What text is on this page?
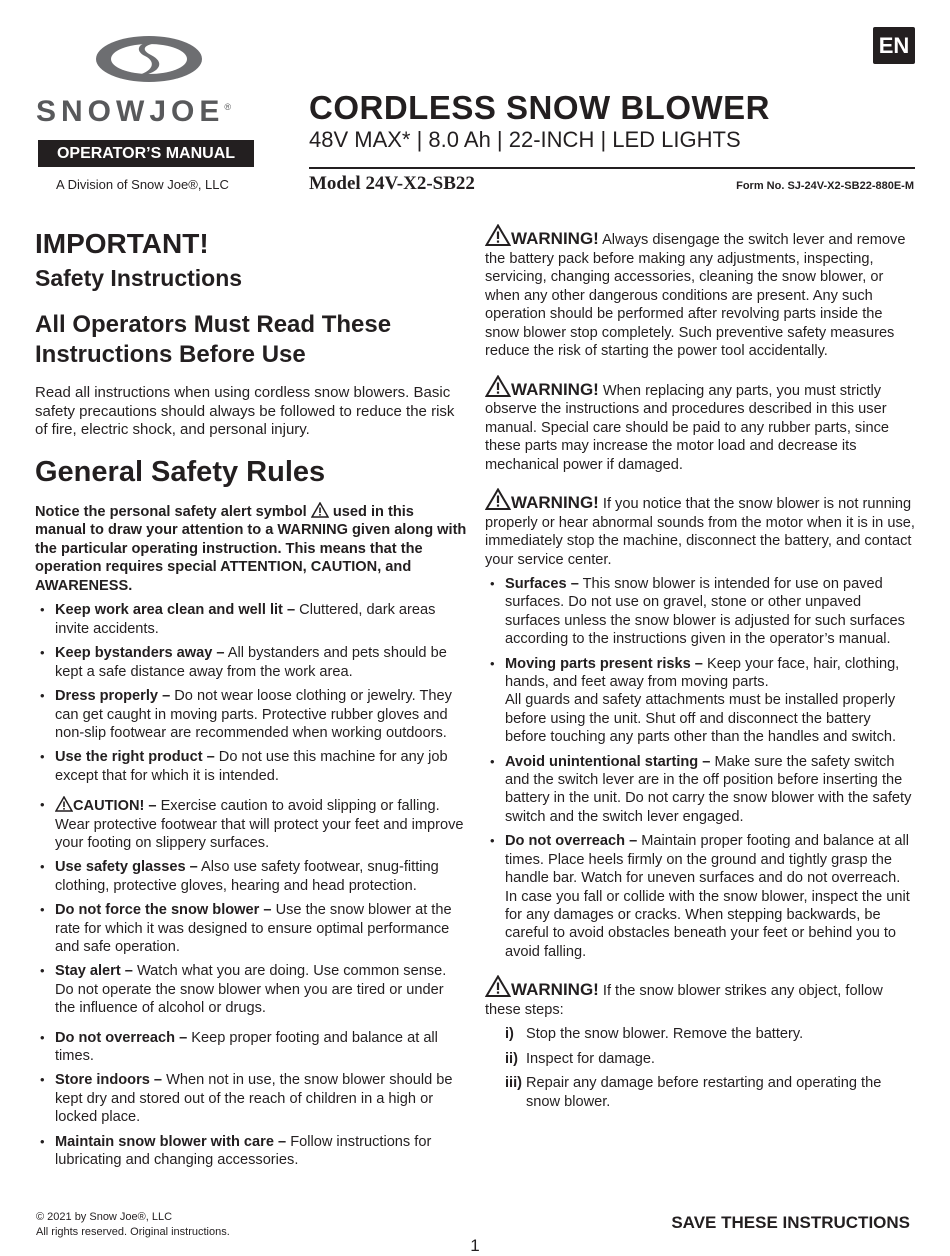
SNOWJOE®
OPERATOR’S MANUAL
A Division of Snow Joe®, LLC
EN
CORDLESS SNOW BLOWER
48V MAX* | 8.0 Ah | 22-INCH | LED LIGHTS
Model 24V-X2-SB22	Form No. SJ-24V-X2-SB22-880E-M
IMPORTANT!
Safety Instructions
All Operators Must Read These Instructions Before Use

Read all instructions when using cordless snow blowers. Basic safety precautions should always be followed to reduce the risk of fire, electric shock, and personal injury.

General Safety Rules

Notice the personal safety alert symbol used in this manual to draw your attention to a WARNING given along with the particular operating instruction. This means that the operation requires special ATTENTION, CAUTION, and AWARENESS.

• Keep work area clean and well lit – Cluttered, dark areas invite accidents.
• Keep bystanders away – All bystanders and pets should be kept a safe distance away from the work area.
• Dress properly – Do not wear loose clothing or jewelry. They can get caught in moving parts. Protective rubber gloves and non-slip footwear are recommended when working outdoors.
• Use the right product – Do not use this machine for any job except that for which it is intended.
• CAUTION! – Exercise caution to avoid slipping or falling. Wear protective footwear that will protect your feet and improve your footing on slippery surfaces.
• Use safety glasses – Also use safety footwear, snug-fitting clothing, protective gloves, hearing and head protection.
• Do not force the snow blower – Use the snow blower at the rate for which it was designed to ensure optimal performance and safe operation.
• Stay alert – Watch what you are doing. Use common sense. Do not operate the snow blower when you are tired or under the influence of alcohol or drugs.
• Do not overreach – Keep proper footing and balance at all times.
• Store indoors – When not in use, the snow blower should be kept dry and stored out of the reach of children in a high or locked place.
• Maintain snow blower with care – Follow instructions for lubricating and changing accessories.

WARNING! Always disengage the switch lever and remove the battery pack before making any adjustments, inspecting, servicing, changing accessories, cleaning the snow blower, or when any other dangerous conditions are present. Any such operation should be performed after revolving parts inside the snow blower stop completely. Such preventive safety measures reduce the risk of starting the power tool accidentally.

WARNING! When replacing any parts, you must strictly observe the instructions and procedures described in this user manual. Special care should be paid to any rubber parts, since these parts may increase the motor load and decrease its mechanical power if damaged.

WARNING! If you notice that the snow blower is not running properly or hear abnormal sounds from the motor when it is in use, immediately stop the machine, disconnect the battery, and contact your service center.

• Surfaces – This snow blower is intended for use on paved surfaces. Do not use on gravel, stone or other unpaved surfaces unless the snow blower is adjusted for such surfaces according to the instructions given in the operator’s manual.
• Moving parts present risks – Keep your face, hair, clothing, hands, and feet away from moving parts.
All guards and safety attachments must be installed properly before using the unit. Shut off and disconnect the battery before touching any parts other than the handles and switch.
• Avoid unintentional starting – Make sure the safety switch and the switch lever are in the off position before inserting the battery in the unit. Do not carry the snow blower with the safety switch and the switch lever engaged.
• Do not overreach – Maintain proper footing and balance at all times. Place heels firmly on the ground and tightly grasp the handle bar. Watch for uneven surfaces and do not overreach. In case you fall or collide with the snow blower, inspect the unit for any damages or cracks. When stepping backwards, be careful to avoid obstacles beneath your feet or behind you to avoid falling.

WARNING! If the snow blower strikes any object, follow these steps:

i) Stop the snow blower. Remove the battery.
ii) Inspect for damage.
iii) Repair any damage before restarting and operating the snow blower.
© 2021 by Snow Joe®, LLC
All rights reserved. Original instructions.	SAVE THESE INSTRUCTIONS
1
